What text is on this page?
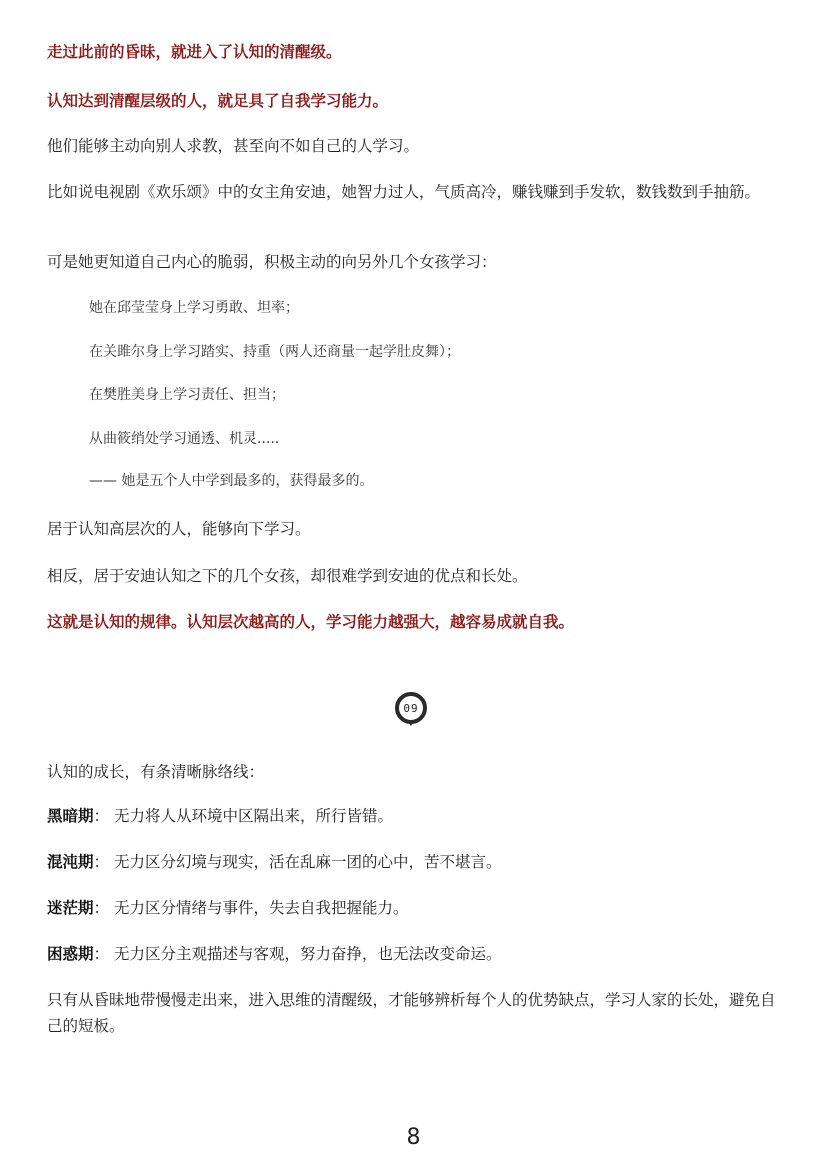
走过此前的昏昧，就进入了认知的清醒级。

认知达到清醒层级的人，就足具了自我学习能力。

他们能够主动向别人求教，甚至向不如自己的人学习。

比如说电视剧《欢乐颂》中的女主角安迪，她智力过人，气质高冷，赚钱赚到手发软，数钱数到手抽筋。

可是她更知道自己内心的脆弱，积极主动的向另外几个女孩学习：

她在邱莹莹身上学习勇敢、坦率；

在关雎尔身上学习踏实、持重（两人还商量一起学肚皮舞）；

在樊胜美身上学习责任、担当；

从曲筱绡处学习通透、机灵.....

—— 她是五个人中学到最多的，获得最多的。

居于认知高层次的人，能够向下学习。

相反，居于安迪认知之下的几个女孩，却很难学到安迪的优点和长处。

这就是认知的规律。认知层次越高的人，学习能力越强大，越容易成就自我。

09

认知的成长，有条清晰脉络线：

黑暗期： 无力将人从环境中区隔出来，所行皆错。

混沌期： 无力区分幻境与现实，活在乱麻一团的心中，苦不堪言。

迷茫期： 无力区分情绪与事件，失去自我把握能力。

困惑期： 无力区分主观描述与客观，努力奋挣，也无法改变命运。

只有从昏昧地带慢慢走出来，进入思维的清醒级，才能够辨析每个人的优势缺点，学习人家的长处，避免自己的短板。

8
